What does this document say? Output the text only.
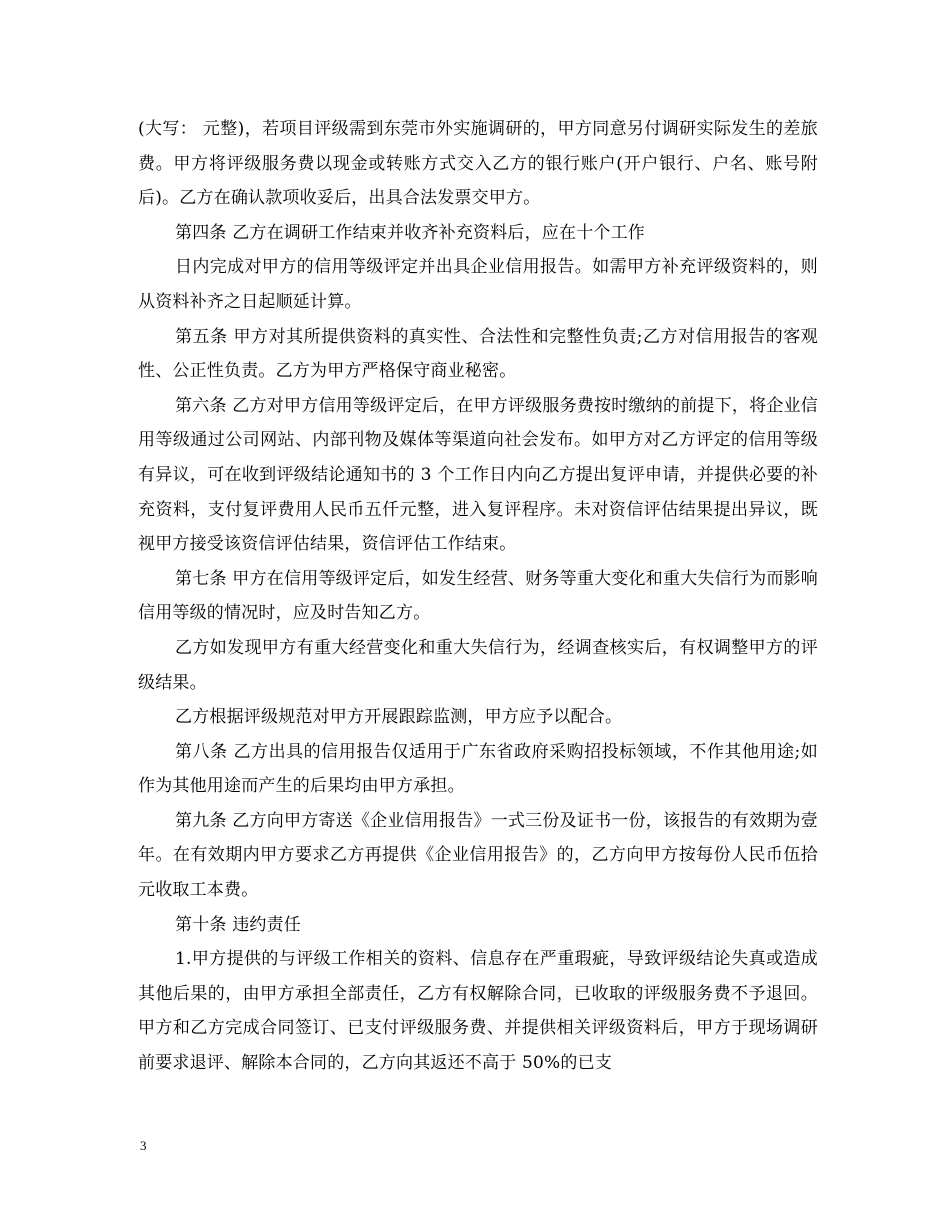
(大写： 元整)，若项目评级需到东莞市外实施调研的，甲方同意另付调研实际发生的差旅费。甲方将评级服务费以现金或转账方式交入乙方的银行账户(开户银行、户名、账号附后)。乙方在确认款项收妥后，出具合法发票交甲方。

第四条 乙方在调研工作结束并收齐补充资料后，应在十个工作

日内完成对甲方的信用等级评定并出具企业信用报告。如需甲方补充评级资料的，则从资料补齐之日起顺延计算。

第五条 甲方对其所提供资料的真实性、合法性和完整性负责;乙方对信用报告的客观性、公正性负责。乙方为甲方严格保守商业秘密。

第六条 乙方对甲方信用等级评定后，在甲方评级服务费按时缴纳的前提下，将企业信用等级通过公司网站、内部刊物及媒体等渠道向社会发布。如甲方对乙方评定的信用等级有异议，可在收到评级结论通知书的 3 个工作日内向乙方提出复评申请，并提供必要的补充资料，支付复评费用人民币五仟元整，进入复评程序。未对资信评估结果提出异议，既视甲方接受该资信评估结果，资信评估工作结束。

第七条 甲方在信用等级评定后，如发生经营、财务等重大变化和重大失信行为而影响信用等级的情况时，应及时告知乙方。

乙方如发现甲方有重大经营变化和重大失信行为，经调查核实后，有权调整甲方的评级结果。

乙方根据评级规范对甲方开展跟踪监测，甲方应予以配合。

第八条 乙方出具的信用报告仅适用于广东省政府采购招投标领域，不作其他用途;如作为其他用途而产生的后果均由甲方承担。

第九条 乙方向甲方寄送《企业信用报告》一式三份及证书一份，该报告的有效期为壹年。在有效期内甲方要求乙方再提供《企业信用报告》的，乙方向甲方按每份人民币伍拾元收取工本费。

第十条 违约责任

1.甲方提供的与评级工作相关的资料、信息存在严重瑕疵，导致评级结论失真或造成其他后果的，由甲方承担全部责任，乙方有权解除合同，已收取的评级服务费不予退回。甲方和乙方完成合同签订、已支付评级服务费、并提供相关评级资料后，甲方于现场调研前要求退评、解除本合同的，乙方向其返还不高于 50%的已支

3
